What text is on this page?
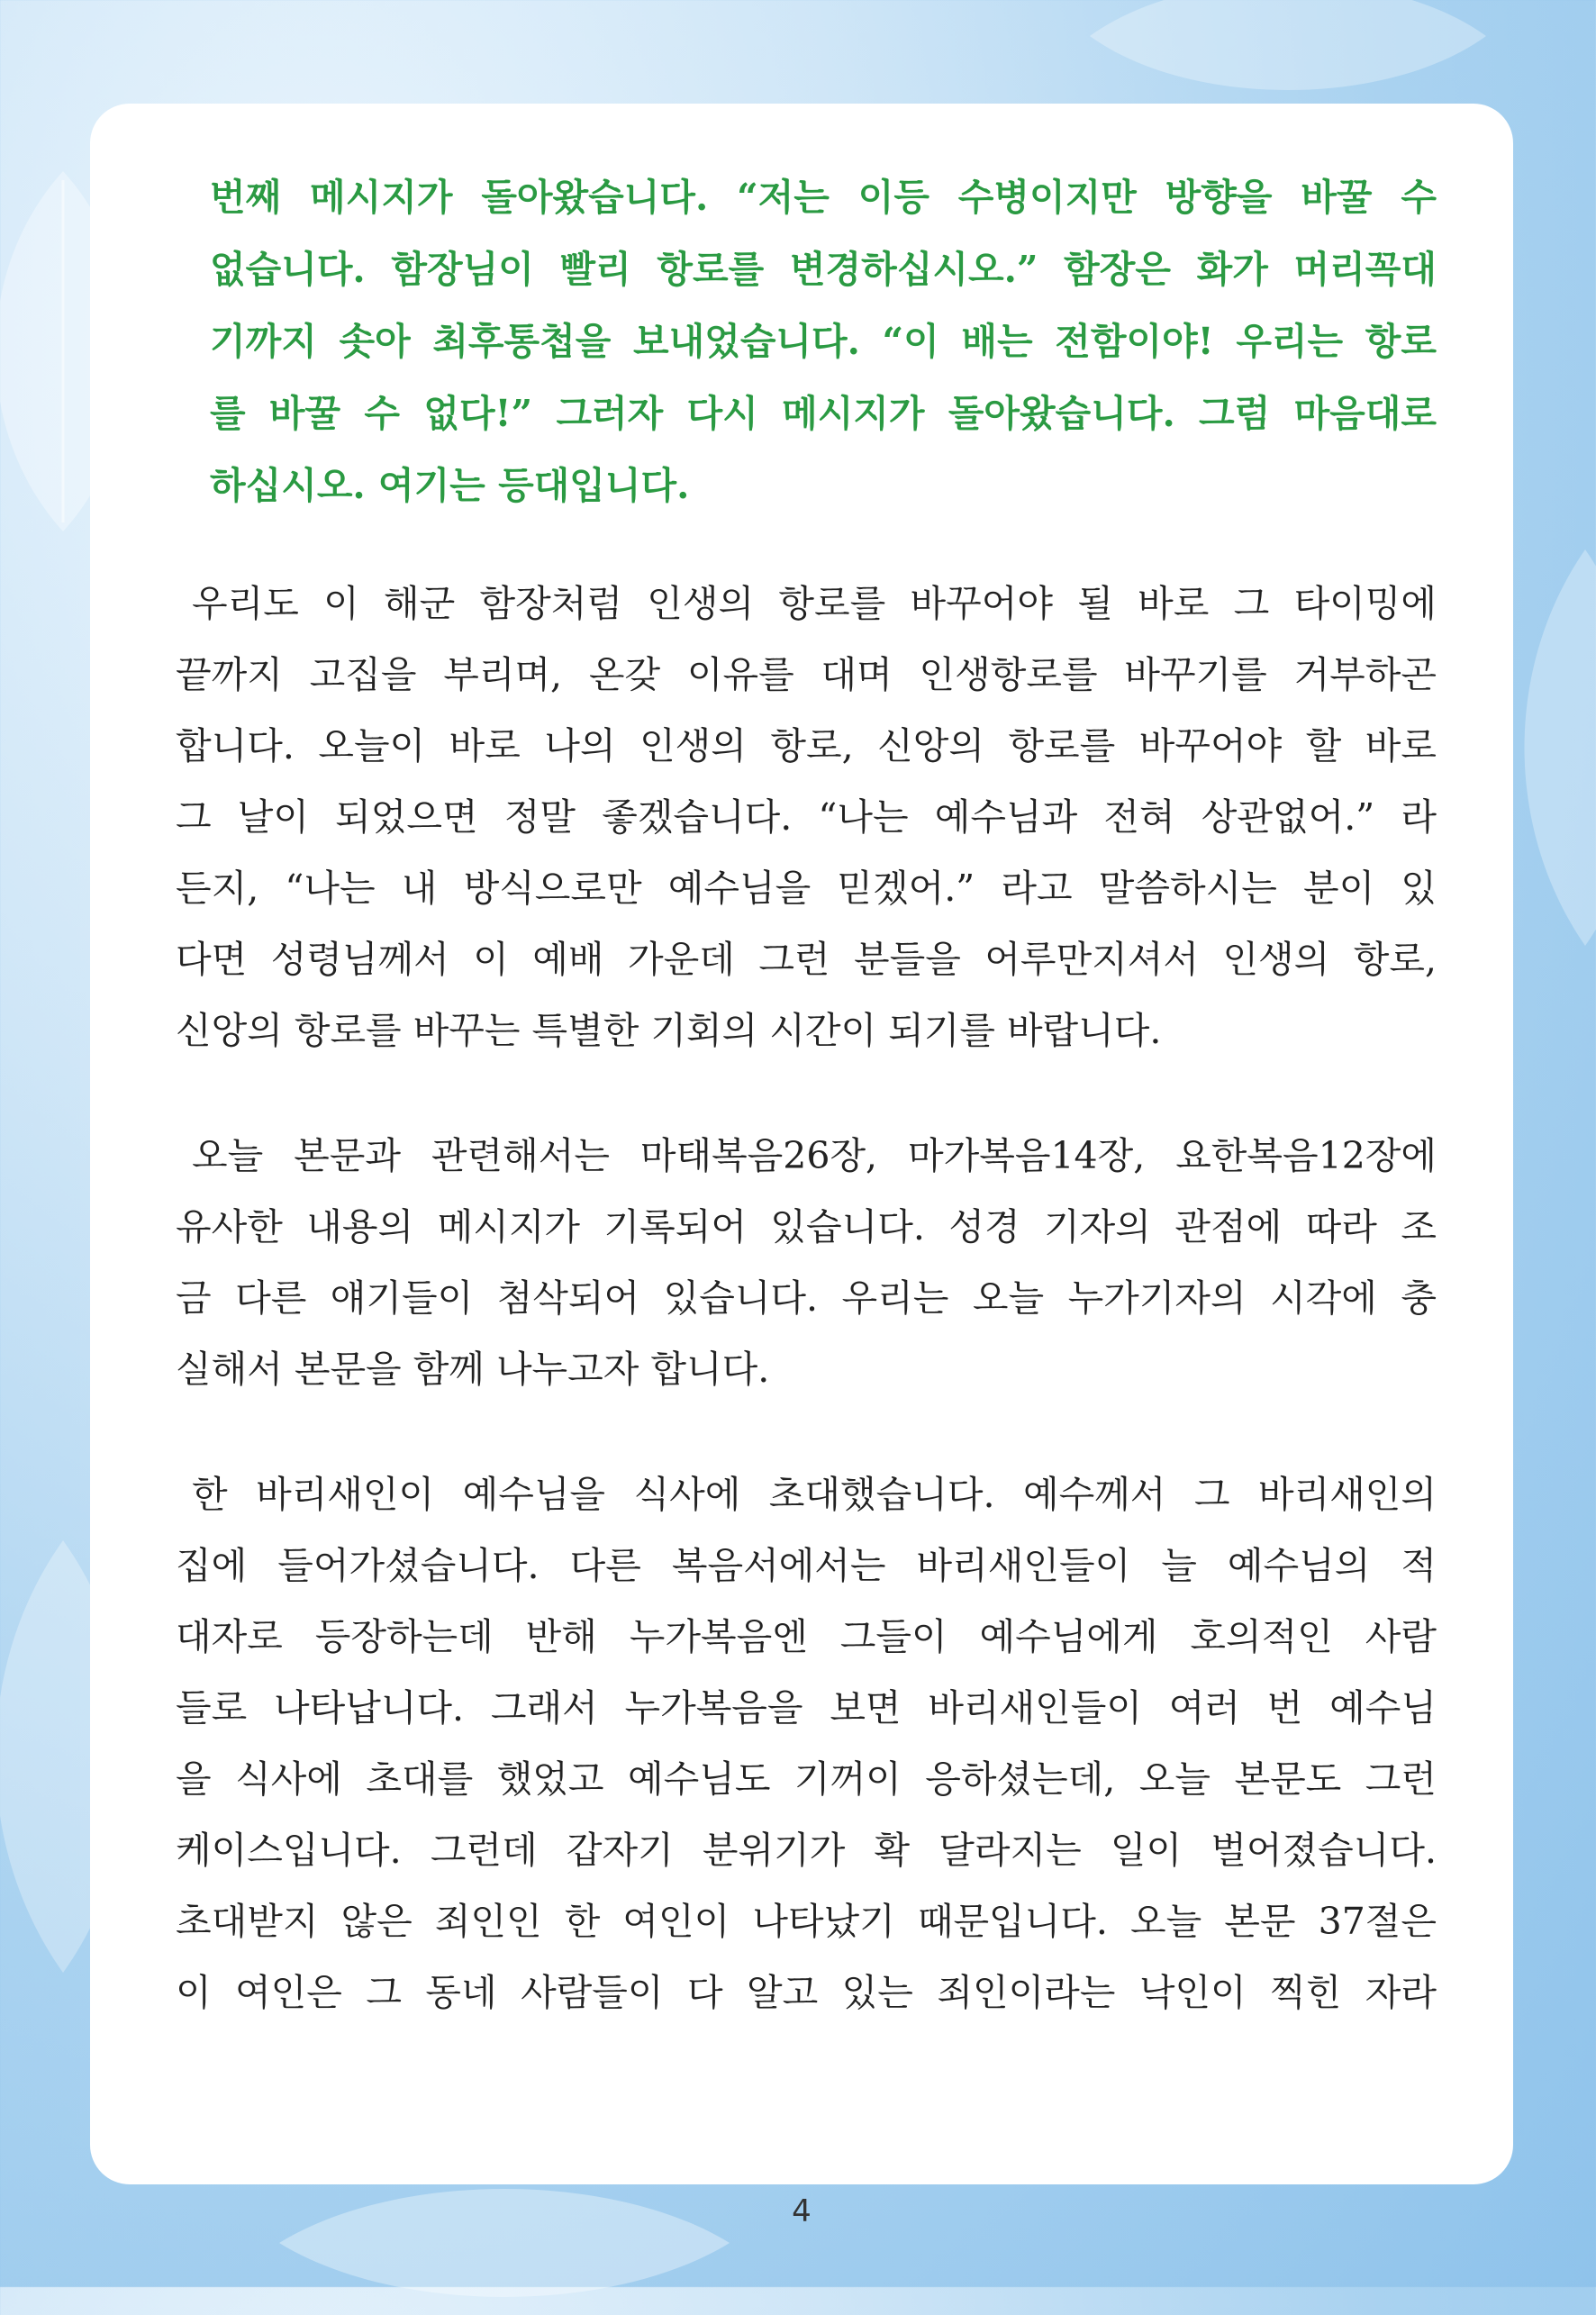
번째 메시지가 돌아왔습니다. “저는 이등 수병이지만 방향을 바꿀 수
없습니다. 함장님이 빨리 항로를 변경하십시오.” 함장은 화가 머리꼭대
기까지 솟아 최후통첩을 보내었습니다. “이 배는 전함이야! 우리는 항로
를 바꿀 수 없다!” 그러자 다시 메시지가 돌아왔습니다. 그럼 마음대로
하십시오. 여기는 등대입니다.
우리도 이 해군 함장처럼 인생의 항로를 바꾸어야 될 바로 그 타이밍에
끝까지 고집을 부리며, 온갖 이유를 대며 인생항로를 바꾸기를 거부하곤
합니다. 오늘이 바로 나의 인생의 항로, 신앙의 항로를 바꾸어야 할 바로
그 날이 되었으면 정말 좋겠습니다. “나는 예수님과 전혀 상관없어.” 라
든지, “나는 내 방식으로만 예수님을 믿겠어.” 라고 말씀하시는 분이 있
다면 성령님께서 이 예배 가운데 그런 분들을 어루만지셔서 인생의 항로,
신앙의 항로를 바꾸는 특별한 기회의 시간이 되기를 바랍니다.
오늘 본문과 관련해서는 마태복음26장, 마가복음14장, 요한복음12장에
유사한 내용의 메시지가 기록되어 있습니다. 성경 기자의 관점에 따라 조
금 다른 얘기들이 첨삭되어 있습니다. 우리는 오늘 누가기자의 시각에 충
실해서 본문을 함께 나누고자 합니다.
한 바리새인이 예수님을 식사에 초대했습니다. 예수께서 그 바리새인의
집에 들어가셨습니다. 다른 복음서에서는 바리새인들이 늘 예수님의 적
대자로 등장하는데 반해 누가복음엔 그들이 예수님에게 호의적인 사람
들로 나타납니다. 그래서 누가복음을 보면 바리새인들이 여러 번 예수님
을 식사에 초대를 했었고 예수님도 기꺼이 응하셨는데, 오늘 본문도 그런
케이스입니다. 그런데 갑자기 분위기가 확 달라지는 일이 벌어졌습니다.
초대받지 않은 죄인인 한 여인이 나타났기 때문입니다. 오늘 본문 37절은
이 여인은 그 동네 사람들이 다 알고 있는 죄인이라는 낙인이 찍힌 자라
4
